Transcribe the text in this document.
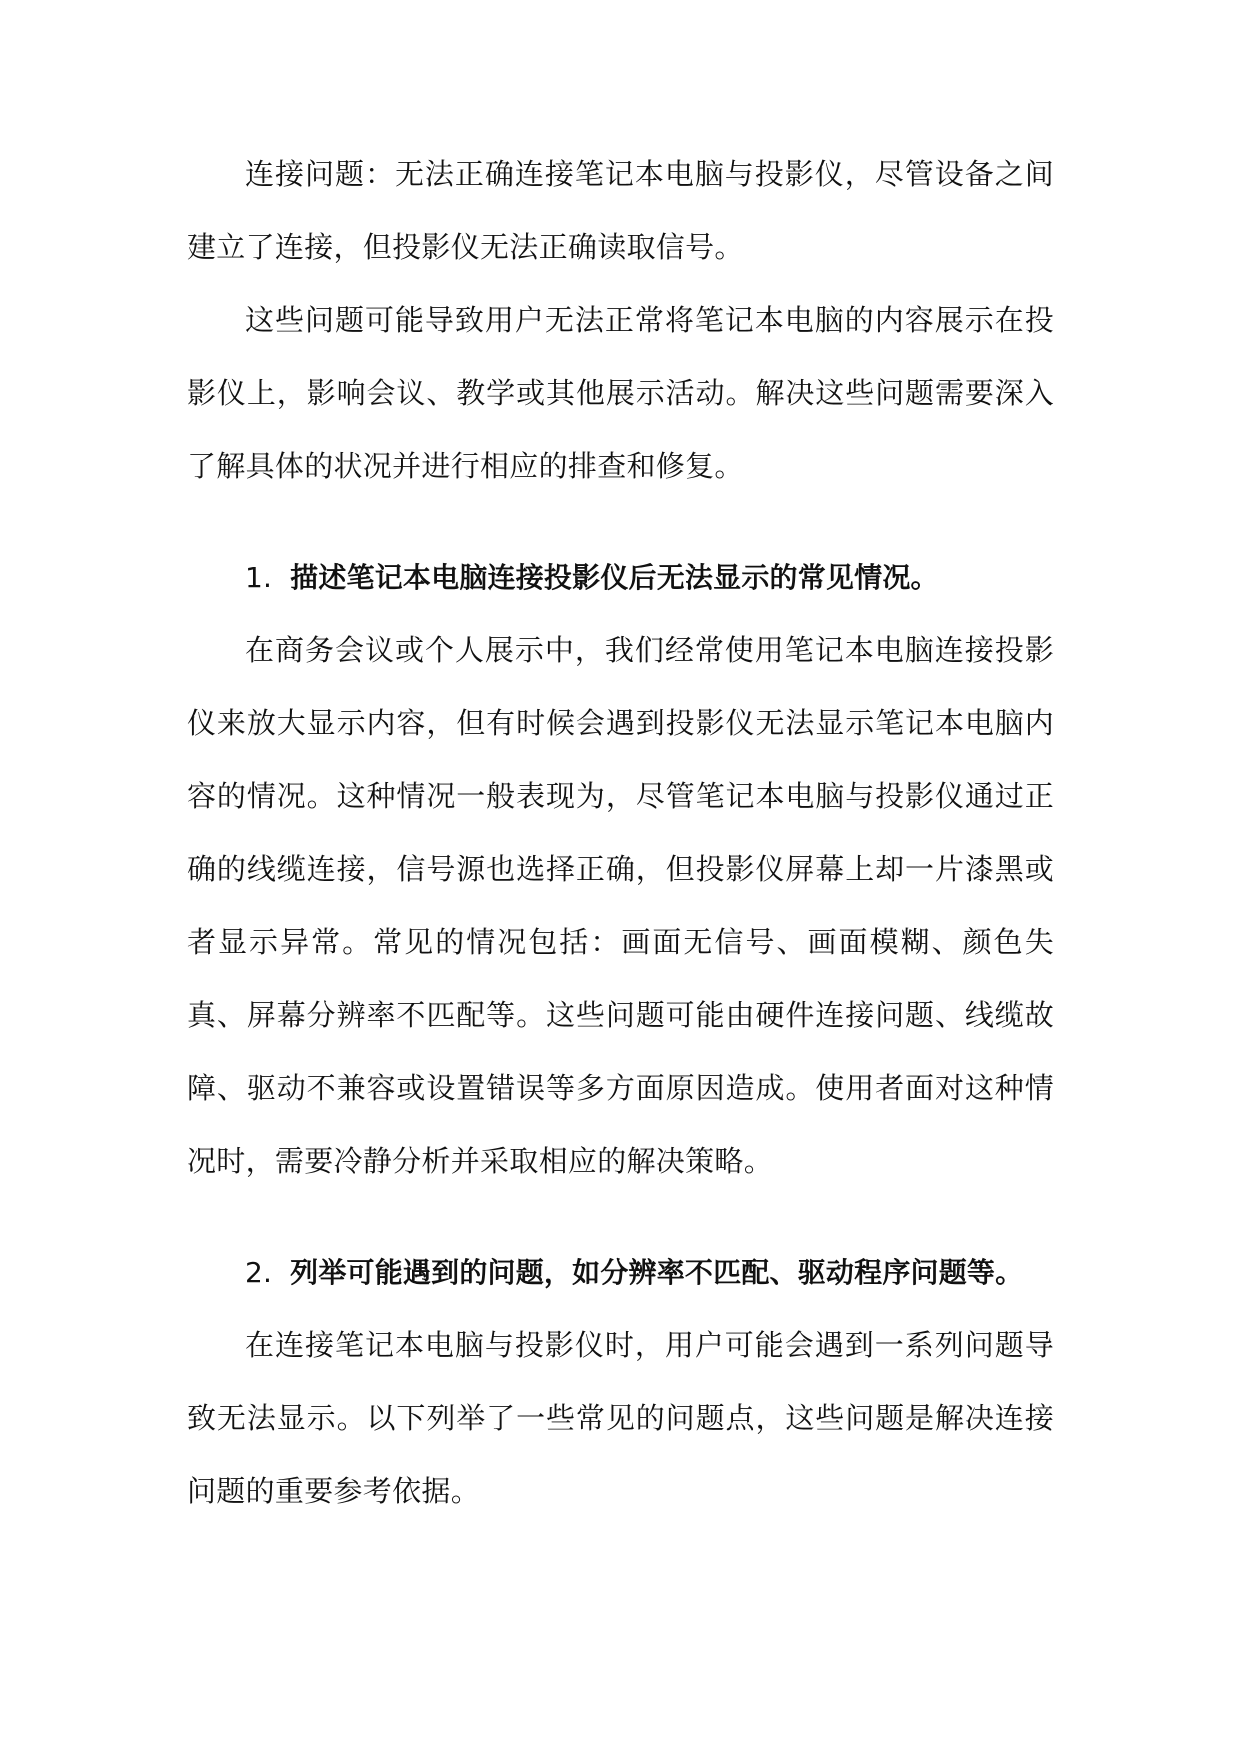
连接问题：无法正确连接笔记本电脑与投影仪，尽管设备之间建立了连接，但投影仪无法正确读取信号。

这些问题可能导致用户无法正常将笔记本电脑的内容展示在投影仪上，影响会议、教学或其他展示活动。解决这些问题需要深入了解具体的状况并进行相应的排查和修复。

1. 描述笔记本电脑连接投影仪后无法显示的常见情况。

在商务会议或个人展示中，我们经常使用笔记本电脑连接投影仪来放大显示内容，但有时候会遇到投影仪无法显示笔记本电脑内容的情况。这种情况一般表现为，尽管笔记本电脑与投影仪通过正确的线缆连接，信号源也选择正确，但投影仪屏幕上却一片漆黑或者显示异常。常见的情况包括：画面无信号、画面模糊、颜色失真、屏幕分辨率不匹配等。这些问题可能由硬件连接问题、线缆故障、驱动不兼容或设置错误等多方面原因造成。使用者面对这种情况时，需要冷静分析并采取相应的解决策略。

2. 列举可能遇到的问题，如分辨率不匹配、驱动程序问题等。

在连接笔记本电脑与投影仪时，用户可能会遇到一系列问题导致无法显示。以下列举了一些常见的问题点，这些问题是解决连接问题的重要参考依据。
